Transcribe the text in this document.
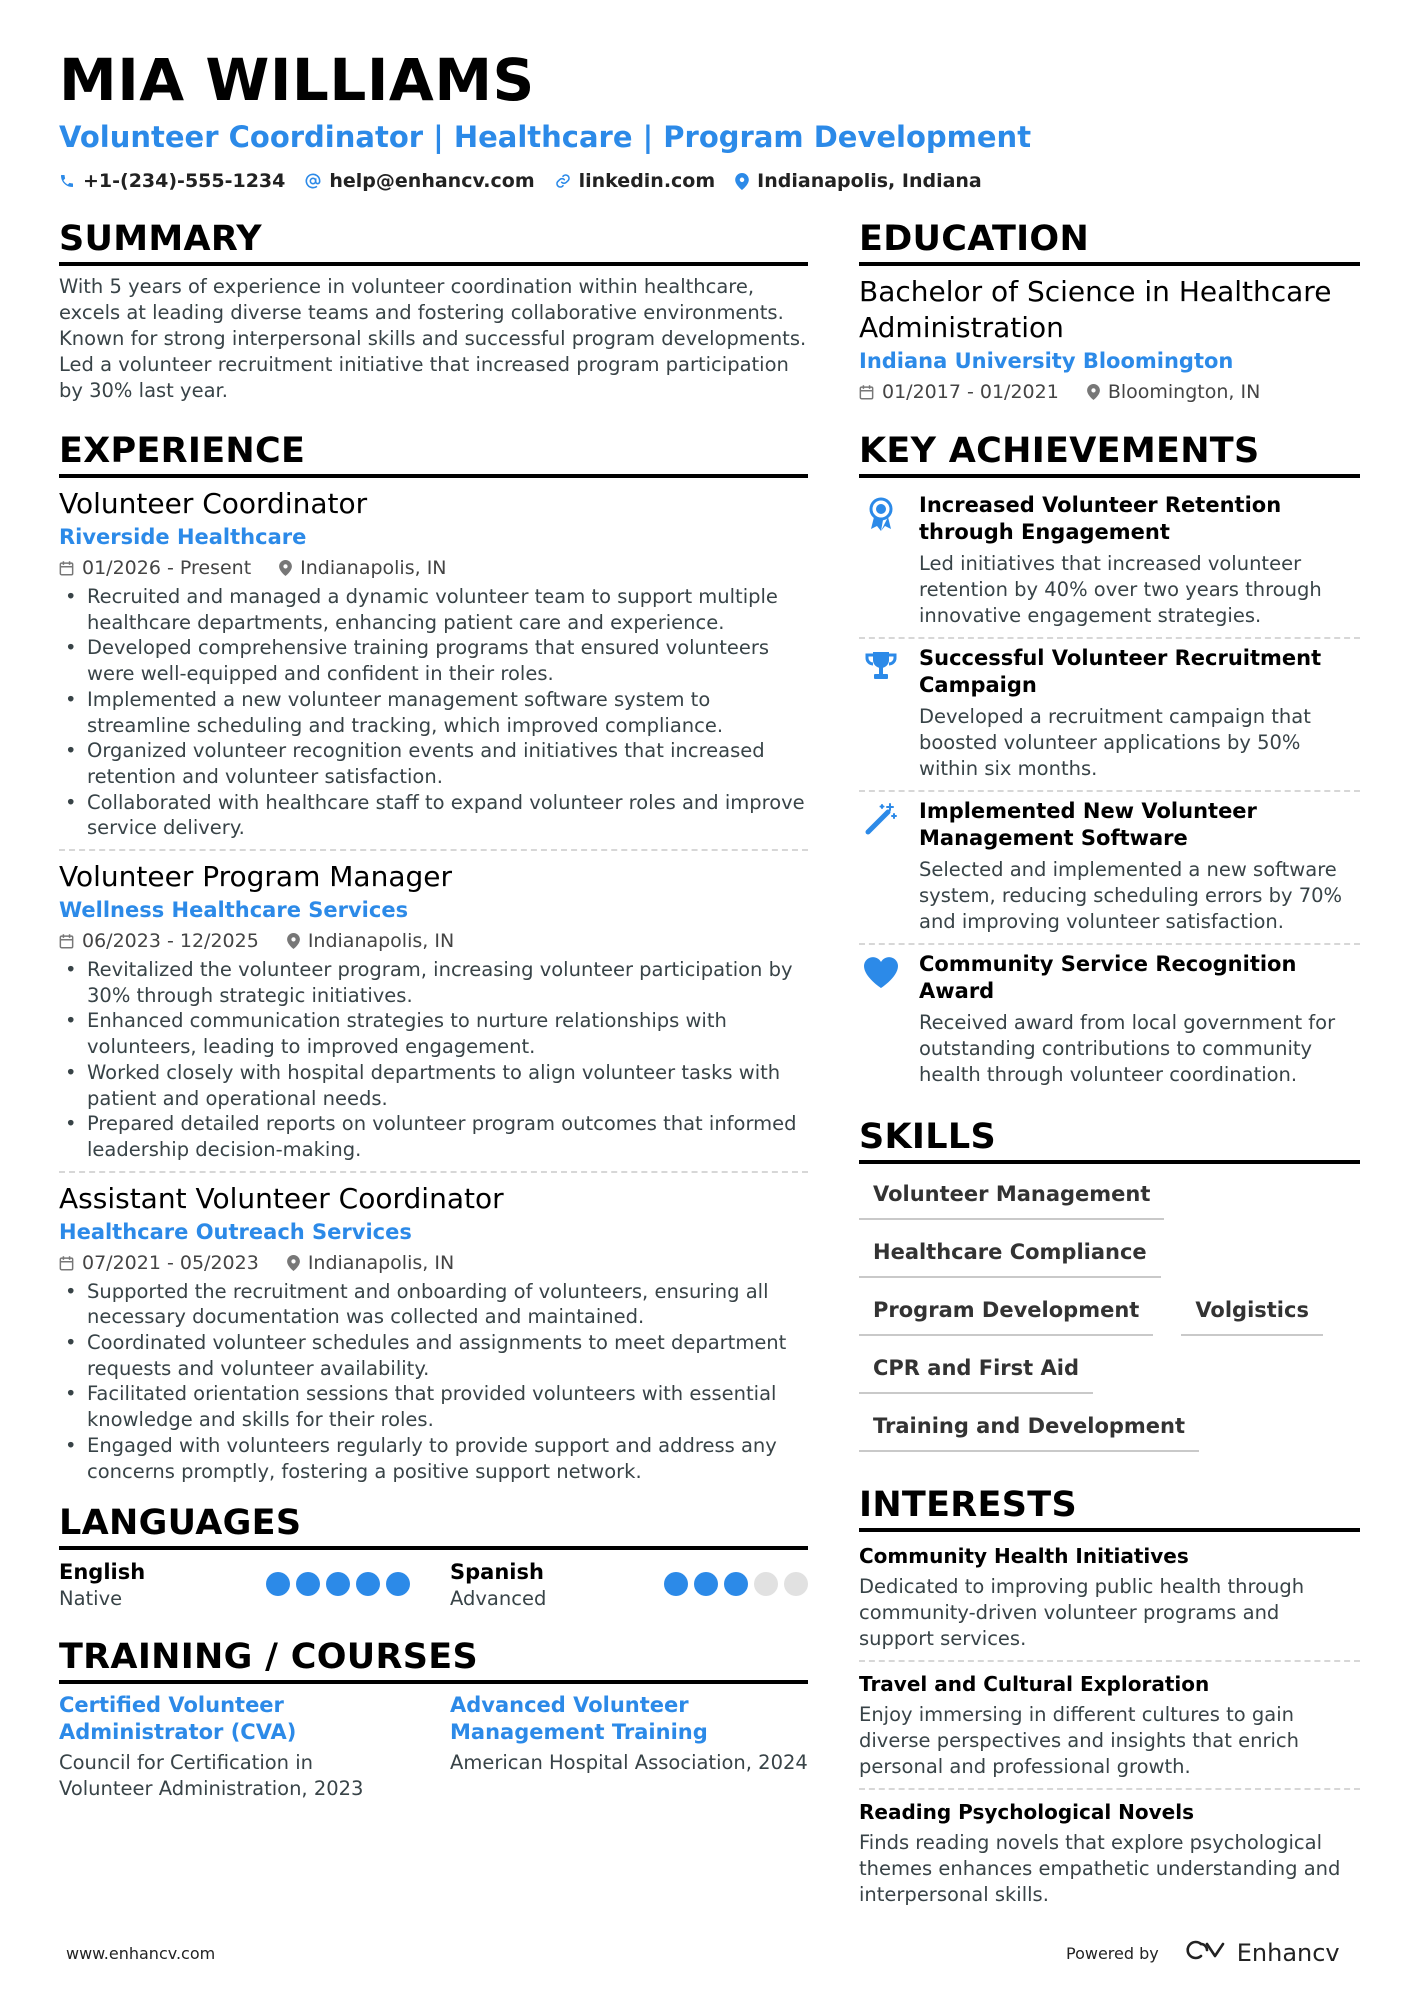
MIA WILLIAMS
Volunteer Coordinator | Healthcare | Program Development
+1-(234)-555-1234 help@enhancv.com linkedin.com Indianapolis, Indiana
SUMMARY
With 5 years of experience in volunteer coordination within healthcare, excels at leading diverse teams and fostering collaborative environments. Known for strong interpersonal skills and successful program developments. Led a volunteer recruitment initiative that increased program participation by 30% last year.
EXPERIENCE
Volunteer Coordinator
Riverside Healthcare
01/2026 - Present	Indianapolis, IN
• Recruited and managed a dynamic volunteer team to support multiple healthcare departments, enhancing patient care and experience.
• Developed comprehensive training programs that ensured volunteers were well-equipped and confident in their roles.
• Implemented a new volunteer management software system to streamline scheduling and tracking, which improved compliance.
• Organized volunteer recognition events and initiatives that increased retention and volunteer satisfaction.
• Collaborated with healthcare staff to expand volunteer roles and improve service delivery.
Volunteer Program Manager
Wellness Healthcare Services
06/2023 - 12/2025	Indianapolis, IN
• Revitalized the volunteer program, increasing volunteer participation by 30% through strategic initiatives.
• Enhanced communication strategies to nurture relationships with volunteers, leading to improved engagement.
• Worked closely with hospital departments to align volunteer tasks with patient and operational needs.
• Prepared detailed reports on volunteer program outcomes that informed leadership decision-making.
Assistant Volunteer Coordinator
Healthcare Outreach Services
07/2021 - 05/2023	Indianapolis, IN
• Supported the recruitment and onboarding of volunteers, ensuring all necessary documentation was collected and maintained.
• Coordinated volunteer schedules and assignments to meet department requests and volunteer availability.
• Facilitated orientation sessions that provided volunteers with essential knowledge and skills for their roles.
• Engaged with volunteers regularly to provide support and address any concerns promptly, fostering a positive support network.
LANGUAGES
English
Native
Spanish
Advanced
TRAINING / COURSES
Certified Volunteer Administrator (CVA)
Council for Certification in Volunteer Administration, 2023
Advanced Volunteer Management Training
American Hospital Association, 2024
EDUCATION
Bachelor of Science in Healthcare Administration
Indiana University Bloomington
01/2017 - 01/2021	Bloomington, IN
KEY ACHIEVEMENTS
Increased Volunteer Retention through Engagement
Led initiatives that increased volunteer retention by 40% over two years through innovative engagement strategies.
Successful Volunteer Recruitment Campaign
Developed a recruitment campaign that boosted volunteer applications by 50% within six months.
Implemented New Volunteer Management Software
Selected and implemented a new software system, reducing scheduling errors by 70% and improving volunteer satisfaction.
Community Service Recognition Award
Received award from local government for outstanding contributions to community health through volunteer coordination.
SKILLS
Volunteer Management
Healthcare Compliance
Program Development	Volgistics
CPR and First Aid
Training and Development
INTERESTS
Community Health Initiatives
Dedicated to improving public health through community-driven volunteer programs and support services.
Travel and Cultural Exploration
Enjoy immersing in different cultures to gain diverse perspectives and insights that enrich personal and professional growth.
Reading Psychological Novels
Finds reading novels that explore psychological themes enhances empathetic understanding and interpersonal skills.
www.enhancv.com	Powered by	Enhancv
